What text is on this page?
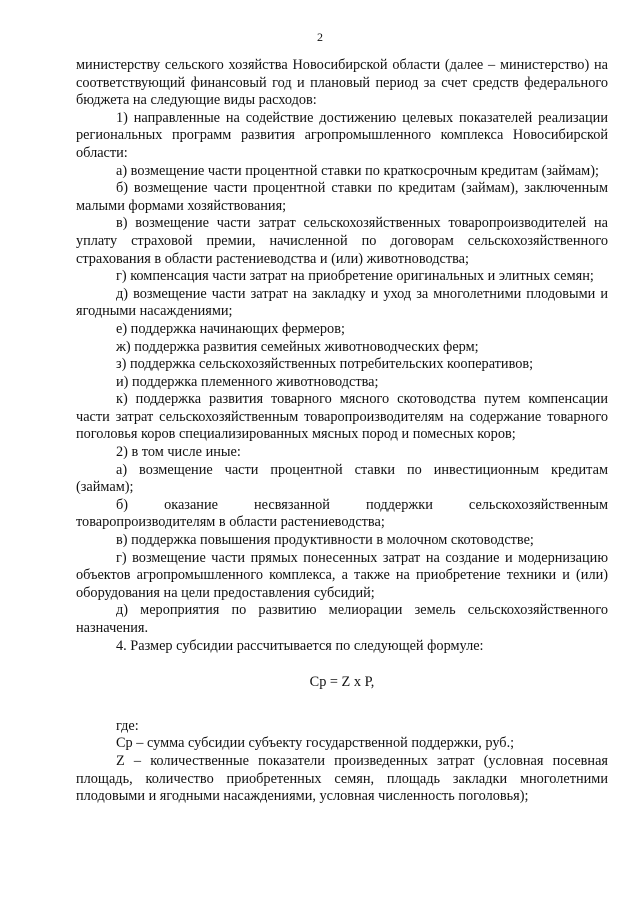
2

министерству сельского хозяйства Новосибирской области (далее – министерство) на соответствующий финансовый год и плановый период за счет средств федерального бюджета на следующие виды расходов:

1) направленные на содействие достижению целевых показателей реализации региональных программ развития агропромышленного комплекса Новосибирской области:

а) возмещение части процентной ставки по краткосрочным кредитам (займам);

б) возмещение части процентной ставки по кредитам (займам), заключенным малыми формами хозяйствования;

в) возмещение части затрат сельскохозяйственных товаропроизводителей на уплату страховой премии, начисленной по договорам сельскохозяйственного страхования в области растениеводства и (или) животноводства;

г) компенсация части затрат на приобретение оригинальных и элитных семян;

д) возмещение части затрат на закладку и уход за многолетними плодовыми и ягодными насаждениями;

е) поддержка начинающих фермеров;

ж) поддержка развития семейных животноводческих ферм;

з) поддержка сельскохозяйственных потребительских кооперативов;

и) поддержка племенного животноводства;

к) поддержка развития товарного мясного скотоводства путем компенсации части затрат сельскохозяйственным товаропроизводителям на содержание товарного поголовья коров специализированных мясных пород и помесных коров;

2) в том числе иные:

а) возмещение части процентной ставки по инвестиционным кредитам (займам);

б) оказание несвязанной поддержки сельскохозяйственным товаропроизводителям в области растениеводства;

в) поддержка повышения продуктивности в молочном скотоводстве;

г) возмещение части прямых понесенных затрат на создание и модернизацию объектов агропромышленного комплекса, а также на приобретение техники и (или) оборудования на цели предоставления субсидий;

д) мероприятия по развитию мелиорации земель сельскохозяйственного назначения.

4. Размер субсидии рассчитывается по следующей формуле:

Ср = Z х Р,

где:

Ср – сумма субсидии субъекту государственной поддержки, руб.;

Z – количественные показатели произведенных затрат (условная посевная площадь, количество приобретенных семян, площадь закладки многолетними плодовыми и ягодными насаждениями, условная численность поголовья);
